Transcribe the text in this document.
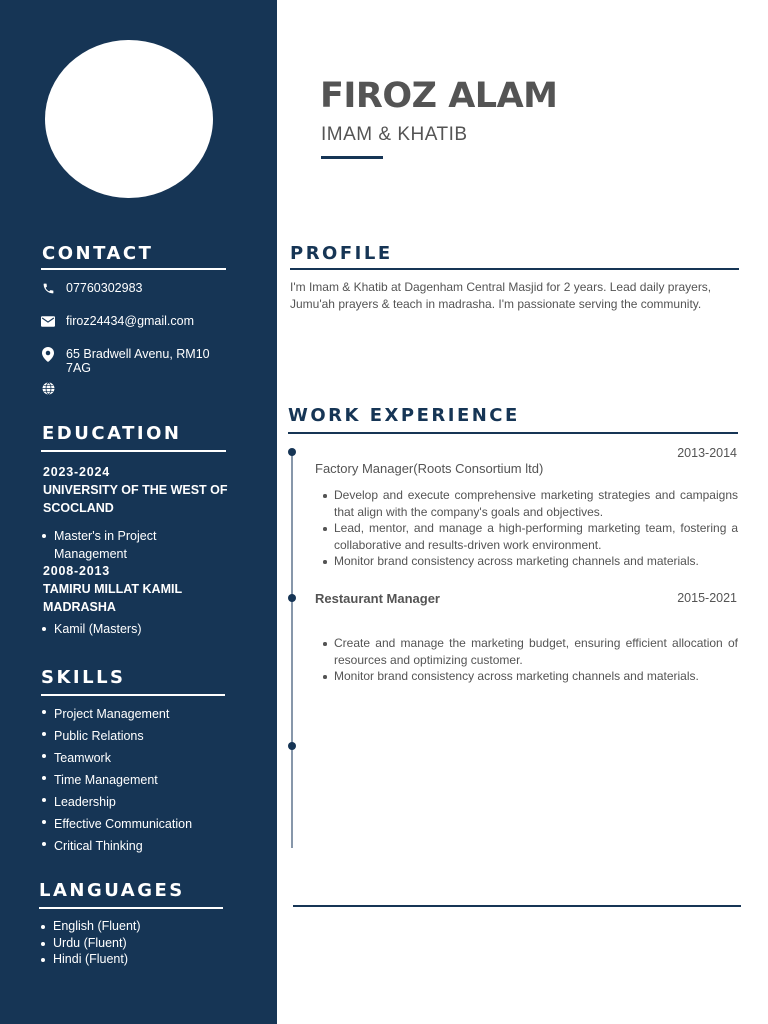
CONTACT
07760302983
firoz24434@gmail.com
65 Bradwell Avenu, RM10 7AG
EDUCATION
2023-2024
UNIVERSITY OF THE WEST OF SCOCLAND
Master's in Project Management
2008-2013
TAMIRU MILLAT KAMIL MADRASHA
Kamil (Masters)
SKILLS
Project Management
Public Relations
Teamwork
Time Management
Leadership
Effective Communication
Critical Thinking
LANGUAGES
English (Fluent)
Urdu (Fluent)
Hindi (Fluent)
FIROZ ALAM
IMAM & KHATIB
PROFILE
I'm Imam & Khatib at Dagenham Central Masjid for 2 years. Lead daily prayers, Jumu'ah prayers & teach in madrasha. I'm passionate serving the community.
WORK EXPERIENCE
2013-2014
Factory Manager(Roots Consortium ltd)
Develop and execute comprehensive marketing strategies and campaigns that align with the company's goals and objectives.
Lead, mentor, and manage a high-performing marketing team, fostering a collaborative and results-driven work environment.
Monitor brand consistency across marketing channels and materials.
Restaurant Manager	2015-2021
Create and manage the marketing budget, ensuring efficient allocation of resources and optimizing customer.
Monitor brand consistency across marketing channels and materials.
